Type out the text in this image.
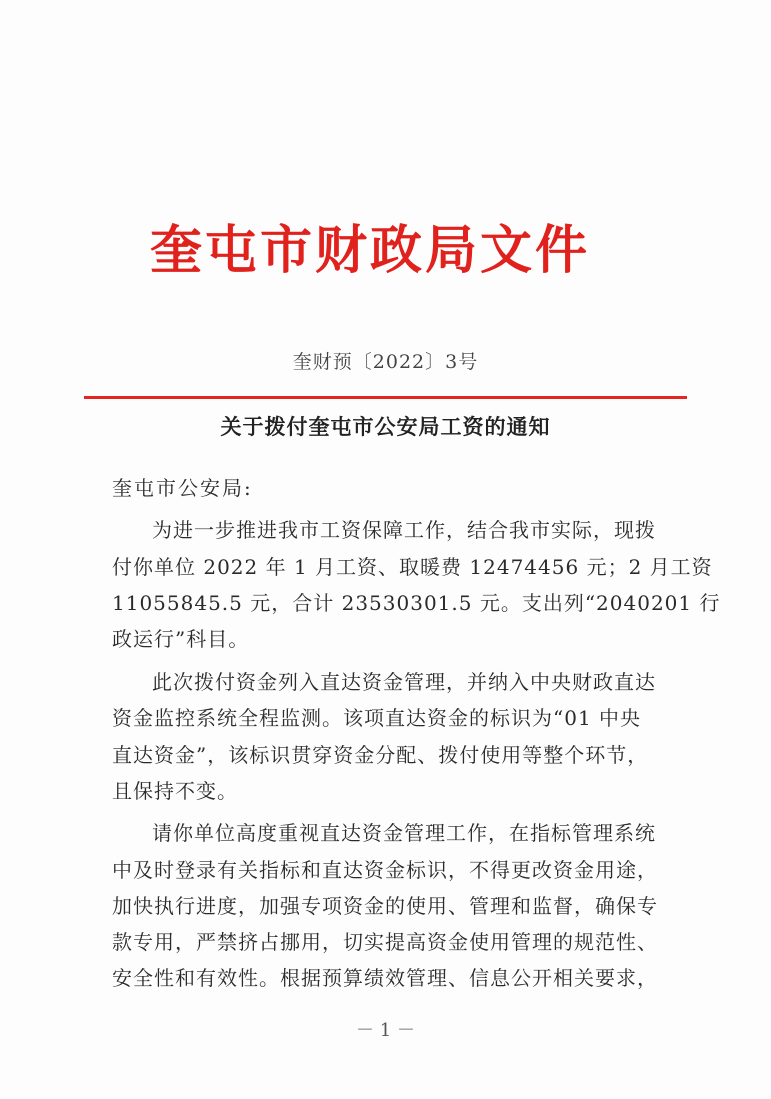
奎屯市财政局文件
奎财预〔2022〕3号
关于拨付奎屯市公安局工资的通知
奎屯市公安局:
为进一步推进我市工资保障工作，结合我市实际，现拨
付你单位 2022 年 1 月工资、取暖费 12474456 元；2 月工资
11055845.5 元，合计 23530301.5 元。支出列“2040201 行
政运行”科目。
此次拨付资金列入直达资金管理，并纳入中央财政直达
资金监控系统全程监测。该项直达资金的标识为“01 中央
直达资金”，该标识贯穿资金分配、拨付使用等整个环节，
且保持不变。
请你单位高度重视直达资金管理工作，在指标管理系统
中及时登录有关指标和直达资金标识，不得更改资金用途，
加快执行进度，加强专项资金的使用、管理和监督，确保专
款专用，严禁挤占挪用，切实提高资金使用管理的规范性、
安全性和有效性。根据预算绩效管理、信息公开相关要求，
－ 1 －
